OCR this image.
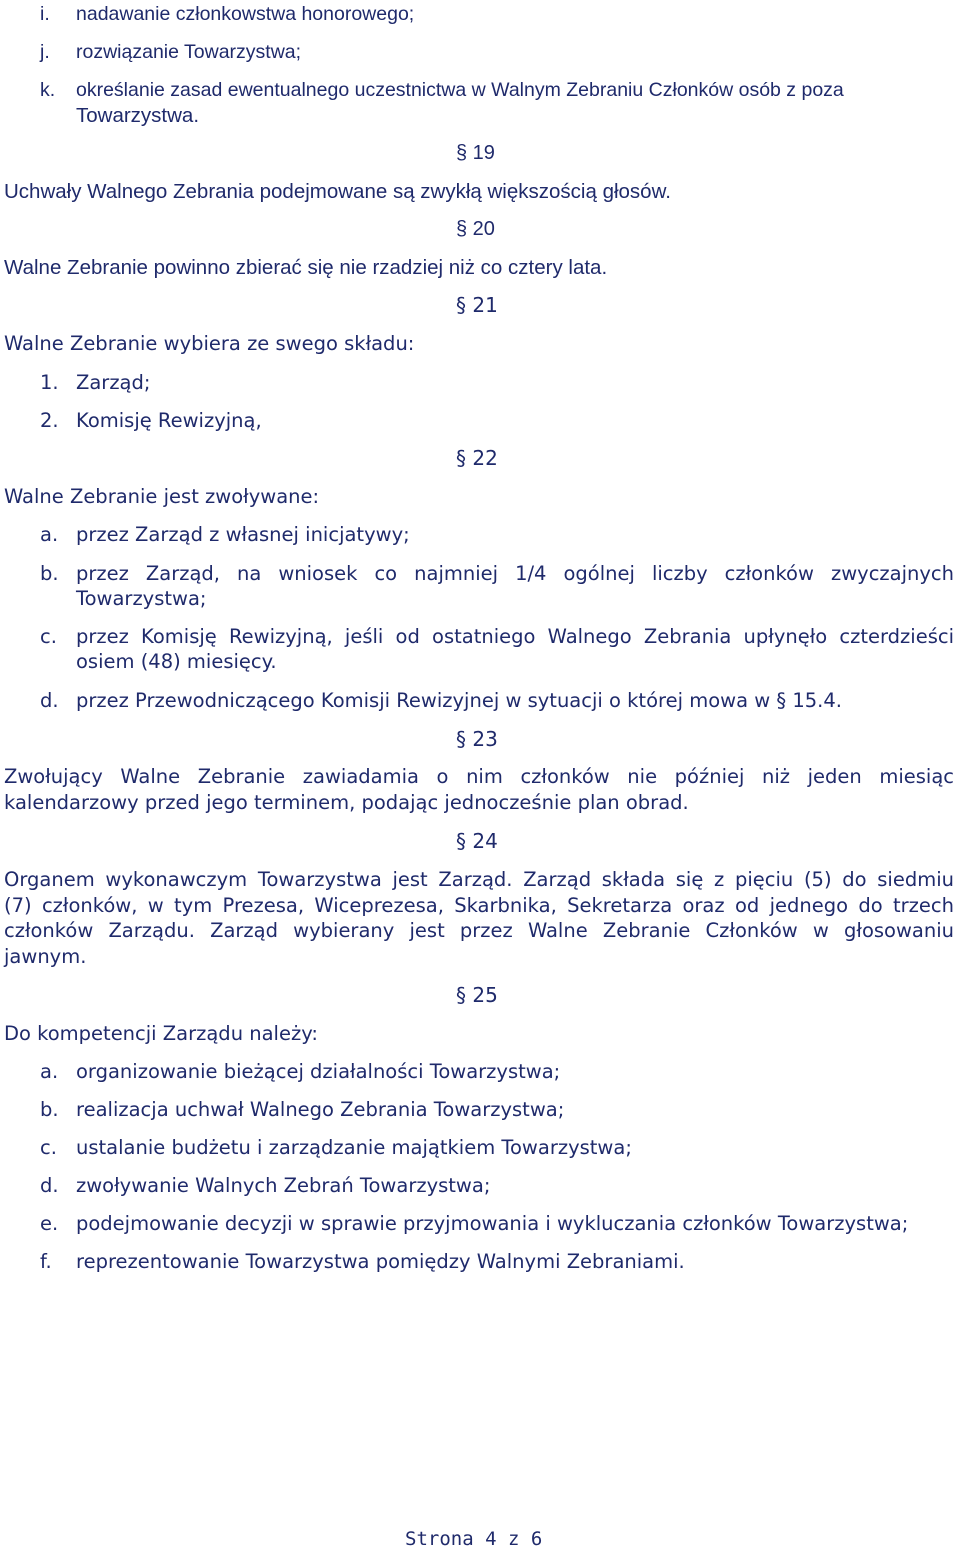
i. nadawanie członkowstwa honorowego;
j. rozwiązanie Towarzystwa;
k. określanie zasad ewentualnego uczestnictwa w Walnym Zebraniu Członków osób z poza
Towarzystwa.
§ 19
Uchwały Walnego Zebrania podejmowane są zwykłą większością głosów.
§ 20
Walne Zebranie powinno zbierać się nie rzadziej niż co cztery lata.
§ 21
Walne Zebranie wybiera ze swego składu:
1. Zarząd;
2. Komisję Rewizyjną,
§ 22
Walne Zebranie jest zwoływane:
a. przez Zarząd z własnej inicjatywy;
b. przez Zarząd, na wniosek co najmniej 1/4 ogólnej liczby członków zwyczajnych
Towarzystwa;
c. przez Komisję Rewizyjną, jeśli od ostatniego Walnego Zebrania upłynęło czterdzieści
osiem (48) miesięcy.
d. przez Przewodniczącego Komisji Rewizyjnej w sytuacji o której mowa w § 15.4.
§ 23
Zwołujący Walne Zebranie zawiadamia o nim członków nie później niż jeden miesiąc
kalendarzowy przed jego terminem, podając jednocześnie plan obrad.
§ 24
Organem wykonawczym Towarzystwa jest Zarząd. Zarząd składa się z pięciu (5) do siedmiu
(7) członków, w tym Prezesa, Wiceprezesa, Skarbnika, Sekretarza oraz od jednego do trzech
członków Zarządu. Zarząd wybierany jest przez Walne Zebranie Członków w głosowaniu
jawnym.
§ 25
Do kompetencji Zarządu należy:
a. organizowanie bieżącej działalności Towarzystwa;
b. realizacja uchwał Walnego Zebrania Towarzystwa;
c. ustalanie budżetu i zarządzanie majątkiem Towarzystwa;
d. zwoływanie Walnych Zebrań Towarzystwa;
e. podejmowanie decyzji w sprawie przyjmowania i wykluczania członków Towarzystwa;
f. reprezentowanie Towarzystwa pomiędzy Walnymi Zebraniami.
Strona 4 z 6
